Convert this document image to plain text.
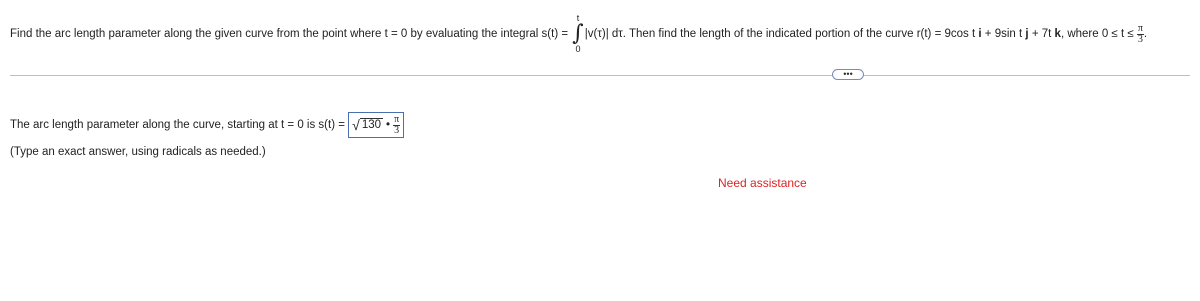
Find the arc length parameter along the given curve from the point where t = 0 by evaluating the integral s(t) =
t
∫
0
|v(τ)| dτ. Then find the length of the indicated portion of the curve r(t) = 9cos t i + 9sin t j + 7t k, where $0 \le t \le \frac{\pi}{3}$ .
•••
The arc length parameter along the curve, starting at t = 0 is s(t) = √ 130 • $\frac{\pi}{3}$
(Type an exact answer, using radicals as needed.)
Need assistance
